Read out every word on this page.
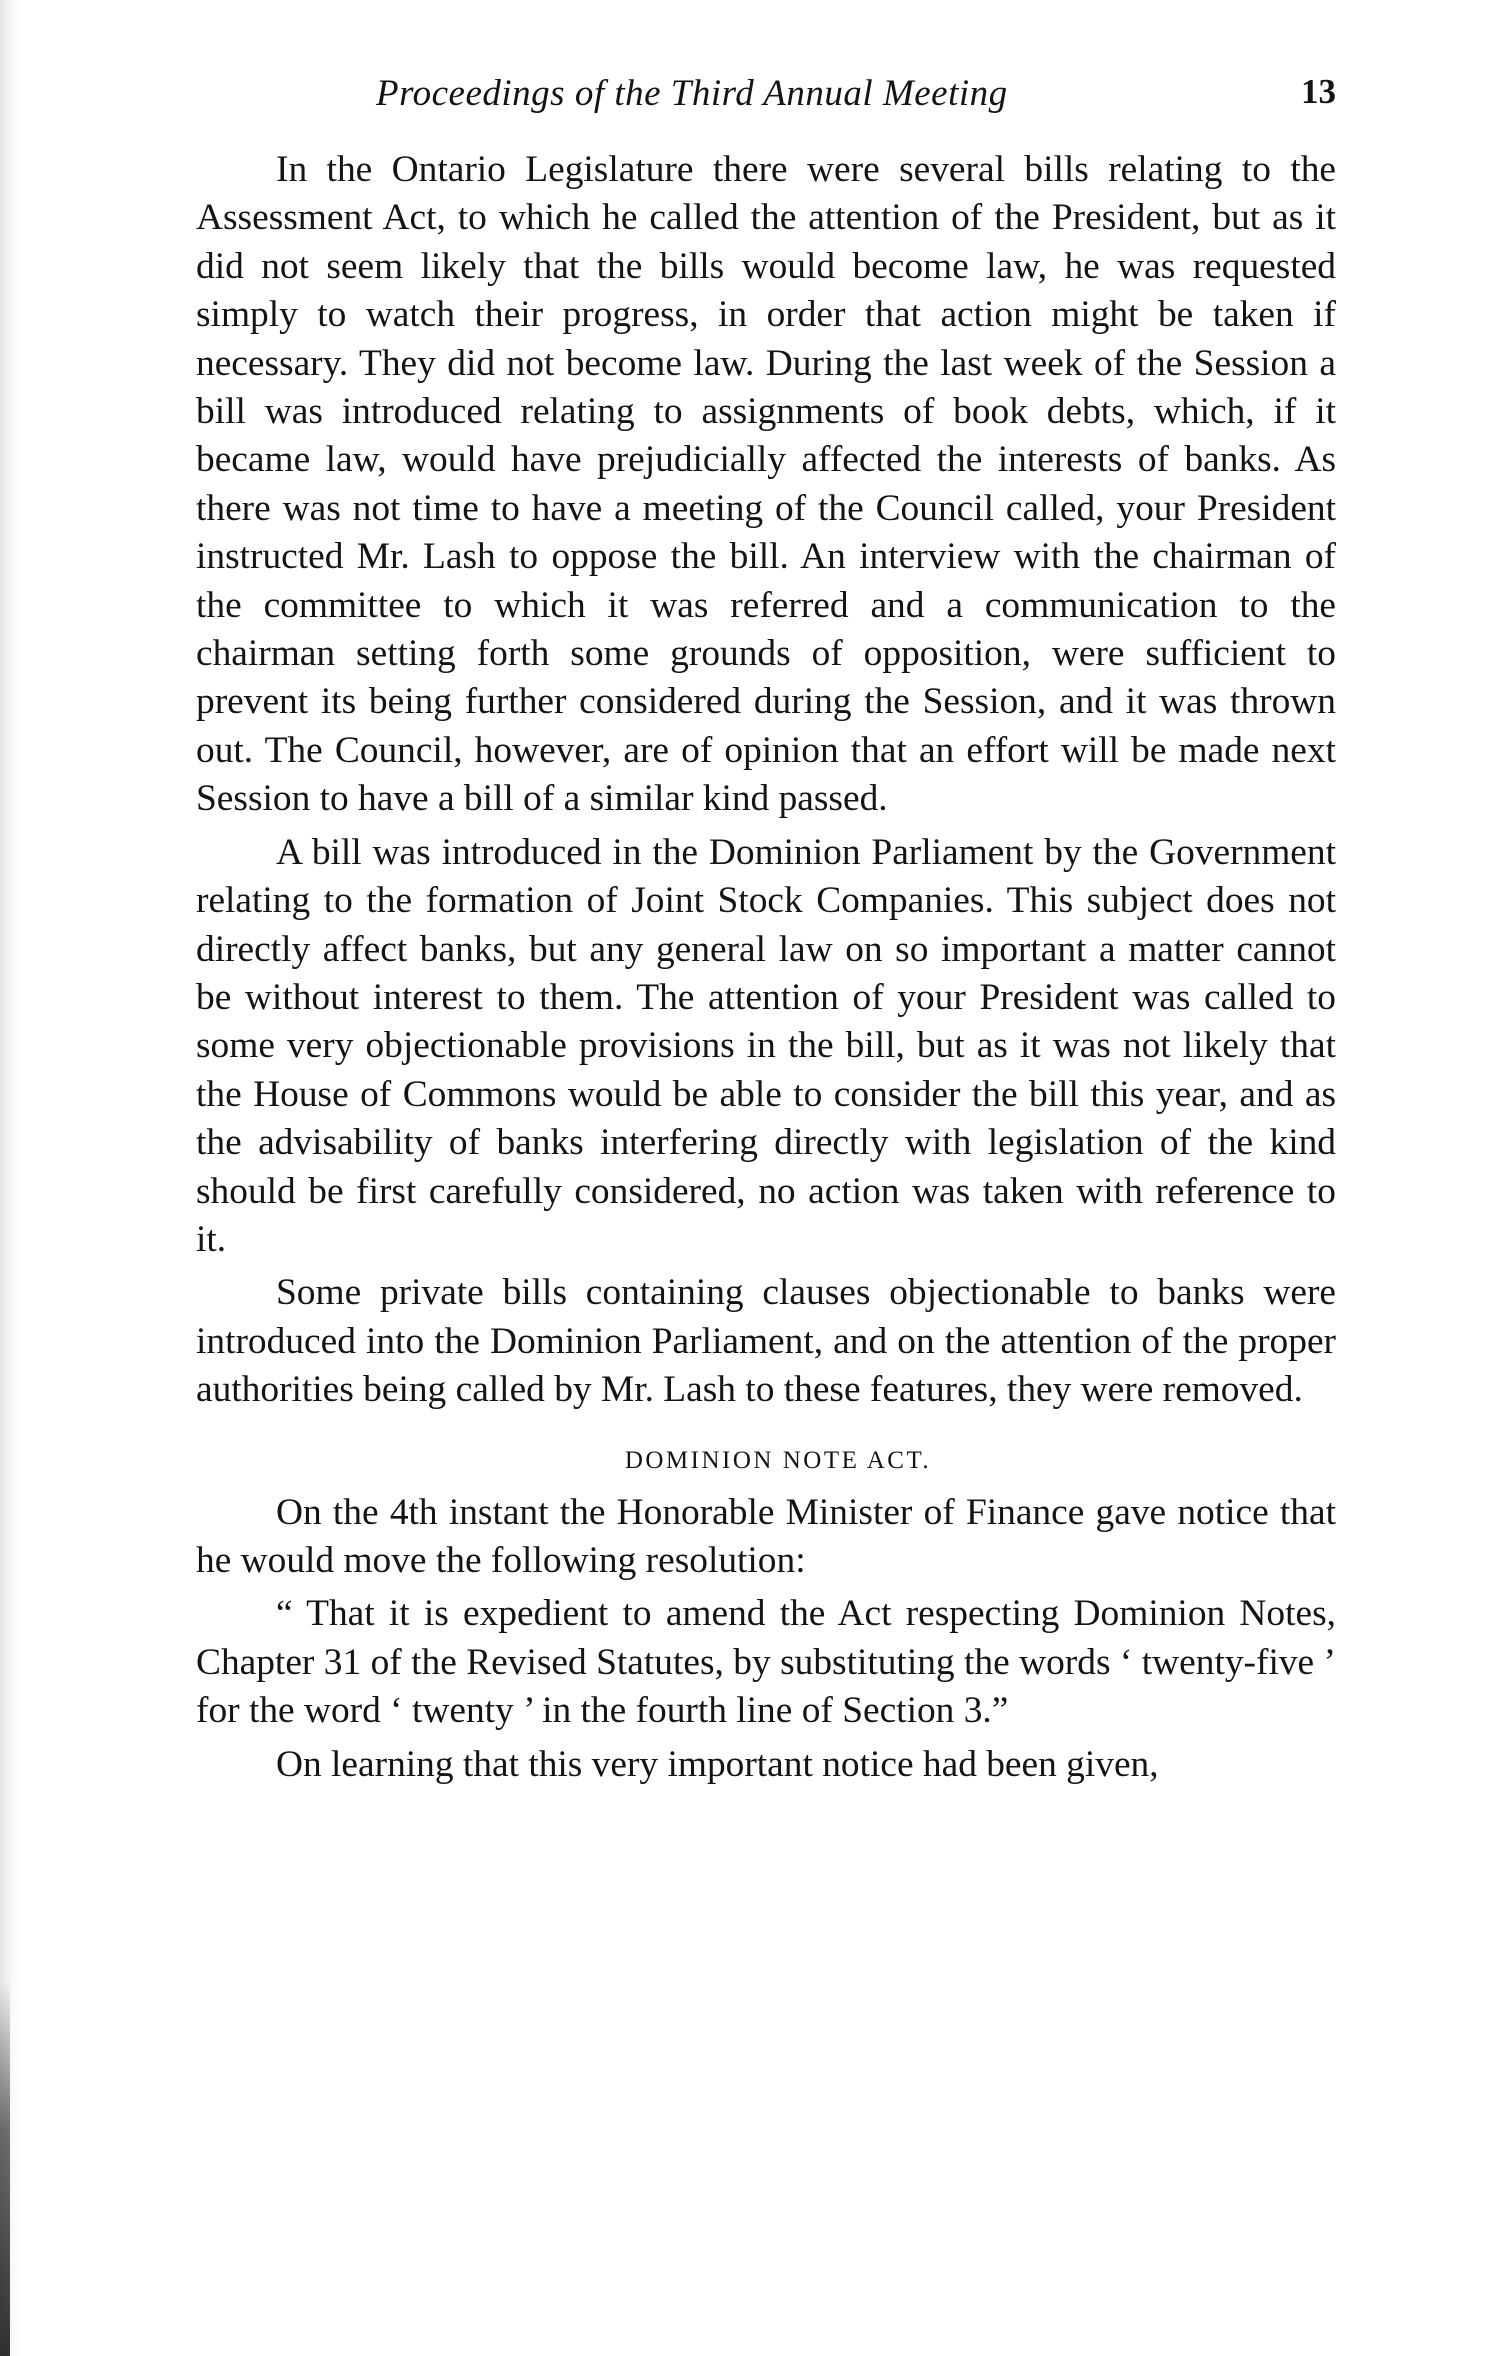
Proceedings of the Third Annual Meeting	13

In the Ontario Legislature there were several bills relating to the Assessment Act, to which he called the attention of the President, but as it did not seem likely that the bills would become law, he was requested simply to watch their progress, in order that action might be taken if necessary. They did not become law. During the last week of the Session a bill was introduced relating to assignments of book debts, which, if it became law, would have prejudicially affected the interests of banks. As there was not time to have a meeting of the Council called, your President instructed Mr. Lash to oppose the bill. An interview with the chairman of the committee to which it was referred and a communication to the chairman setting forth some grounds of opposition, were sufficient to prevent its being further considered during the Session, and it was thrown out. The Council, however, are of opinion that an effort will be made next Session to have a bill of a similar kind passed.

A bill was introduced in the Dominion Parliament by the Government relating to the formation of Joint Stock Companies. This subject does not directly affect banks, but any general law on so important a matter cannot be without interest to them. The attention of your President was called to some very objectionable provisions in the bill, but as it was not likely that the House of Commons would be able to consider the bill this year, and as the advisability of banks interfering directly with legislation of the kind should be first carefully considered, no action was taken with reference to it.

Some private bills containing clauses objectionable to banks were introduced into the Dominion Parliament, and on the attention of the proper authorities being called by Mr. Lash to these features, they were removed.

DOMINION NOTE ACT.

On the 4th instant the Honorable Minister of Finance gave notice that he would move the following resolution:

“ That it is expedient to amend the Act respecting Dominion Notes, Chapter 31 of the Revised Statutes, by substituting the words ‘ twenty-five ’ for the word ‘ twenty ’ in the fourth line of Section 3.”

On learning that this very important notice had been given,
